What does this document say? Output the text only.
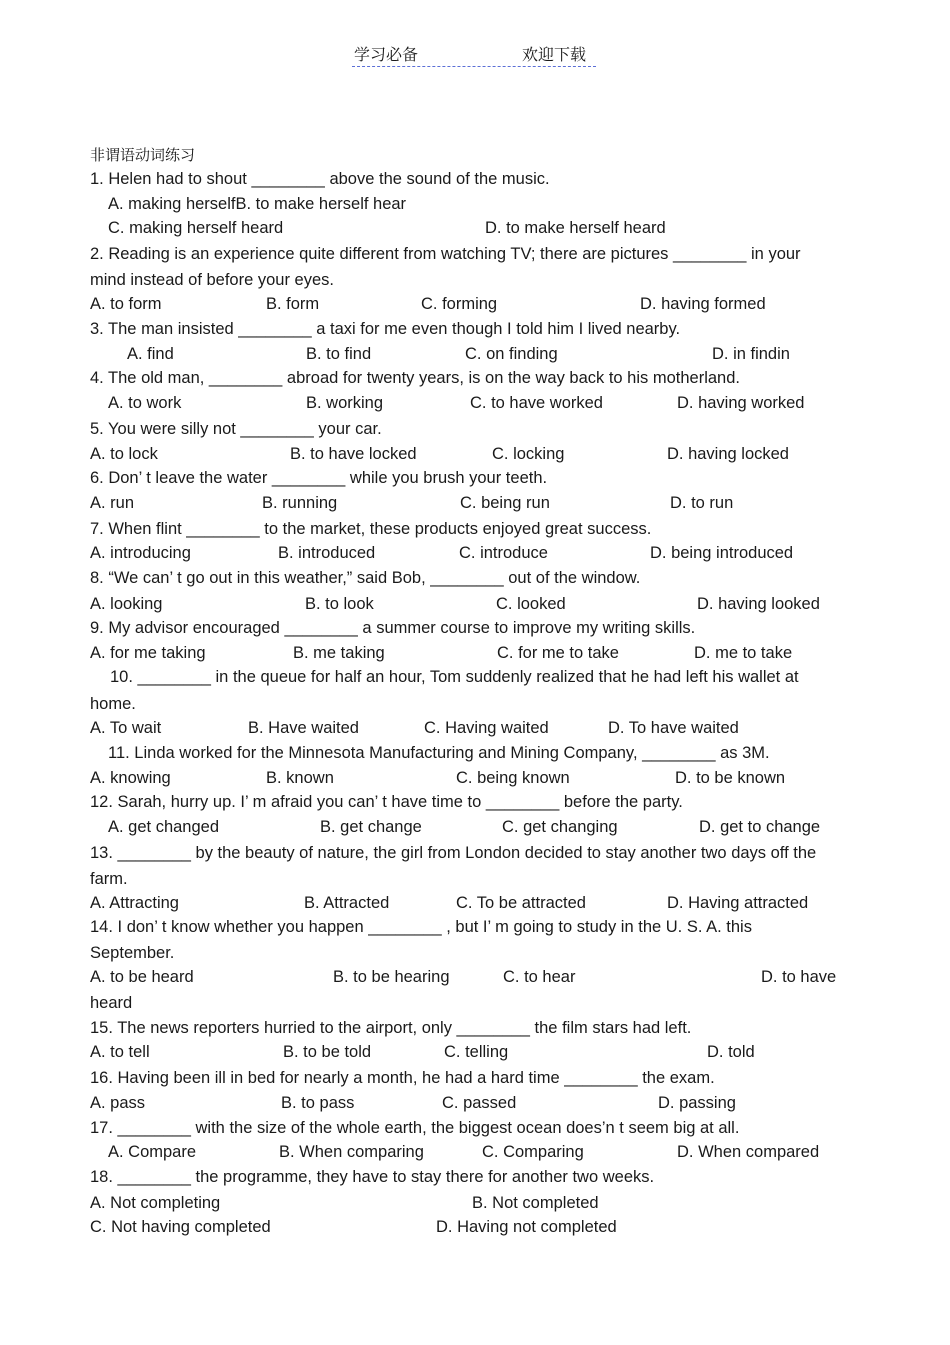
学习必备	欢迎下载
非谓语动词练习
1. Helen had to shout ________ above the sound of the music.
A. making herselfB. to make herself hear
C. making herself heard	D. to make herself heard
2. Reading is an experience quite different from watching TV; there are pictures ________ in your
mind instead of before your eyes.
A. to form	B. form	C. forming	D. having formed
3. The man insisted ________ a taxi for me even though I told him I lived nearby.
A. find	B. to find	C. on finding	D. in findin
4. The old man, ________ abroad for twenty years, is on the way back to his motherland.
A. to work	B. working	C. to have worked	D. having worked
5. You were silly not ________ your car.
A. to lock	B. to have locked	C. locking	D. having locked
6. Don’ t leave the water ________ while you brush your teeth.
A. run	B. running	C. being run	D. to run
7. When flint ________ to the market, these products enjoyed great success.
A. introducing	B. introduced	C. introduce	D. being introduced
8. “We can’ t go out in this weather,” said Bob, ________ out of the window.
A. looking	B. to look	C. looked	D. having looked
9. My advisor encouraged ________ a summer course to improve my writing skills.
A. for me taking	B. me taking	C. for me to take	D. me to take
10. ________ in the queue for half an hour, Tom suddenly realized that he had left his wallet at
home.
A. To wait	B. Have waited	C. Having waited	D. To have waited
11. Linda worked for the Minnesota Manufacturing and Mining Company, ________ as 3M.
A. knowing	B. known	C. being known	D. to be known
12. Sarah, hurry up. I’ m afraid you can’ t have time to ________ before the party.
A. get changed	B. get change	C. get changing	D. get to change
13. ________ by the beauty of nature, the girl from London decided to stay another two days off the
farm.
A. Attracting	B. Attracted	C. To be attracted	D. Having attracted
14. I don’ t know whether you happen ________ , but I’ m going to study in the U. S. A. this
September.
A. to be heard	B. to be hearing	C. to hear	D. to have
heard
15. The news reporters hurried to the airport, only ________ the film stars had left.
A. to tell	B. to be told	C. telling	D. told
16. Having been ill in bed for nearly a month, he had a hard time ________ the exam.
A. pass	B. to pass	C. passed	D. passing
17. ________ with the size of the whole earth, the biggest ocean does’n t seem big at all.
A. Compare	B. When comparing	C. Comparing	D. When compared
18. ________ the programme, they have to stay there for another two weeks.
A. Not completing	B. Not completed
C. Not having completed	D. Having not completed
